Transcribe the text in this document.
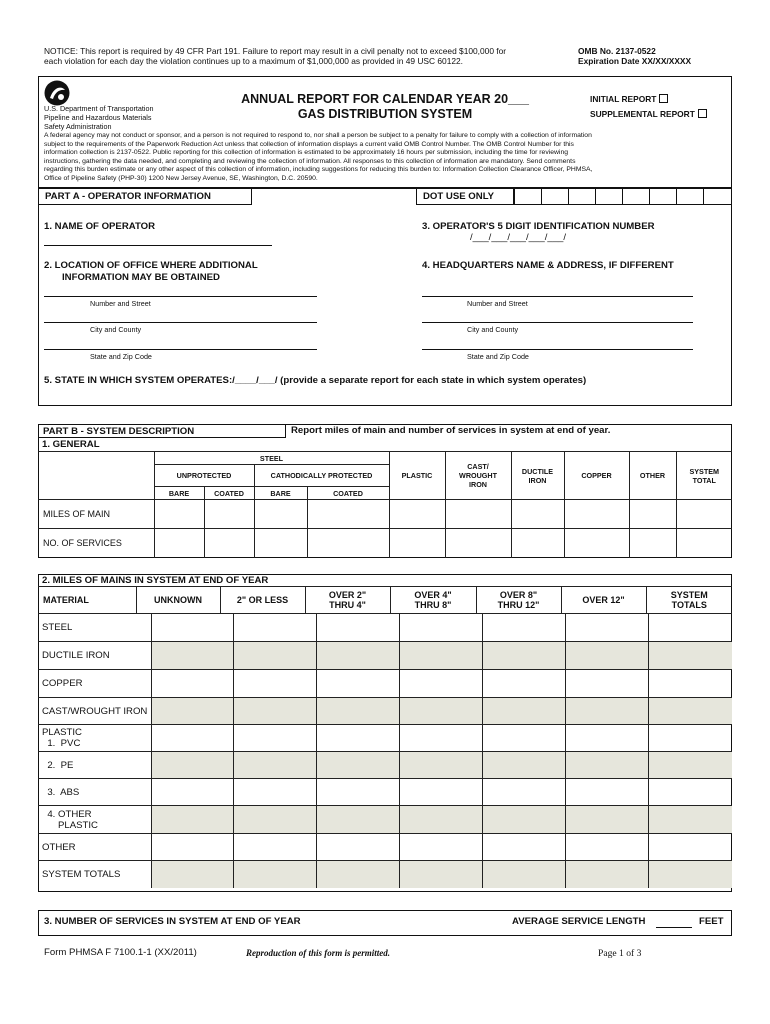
NOTICE: This report is required by 49 CFR Part 191. Failure to report may result in a civil penalty not to exceed $100,000 for
each violation for each day the violation continues up to a maximum of $1,000,000 as provided in 49 USC 60122.
OMB No. 2137-0522
Expiration Date XX/XX/XXXX
U.S. Department of Transportation
Pipeline and Hazardous Materials
Safety Administration
ANNUAL REPORT FOR CALENDAR YEAR 20___
GAS DISTRIBUTION SYSTEM
INITIAL REPORT
SUPPLEMENTAL REPORT
A federal agency may not conduct or sponsor, and a person is not required to respond to, nor shall a person be subject to a penalty for failure to comply with a collection of information
subject to the requirements of the Paperwork Reduction Act unless that collection of information displays a current valid OMB Control Number. The OMB Control Number for this
information collection is 2137-0522. Public reporting for this collection of information is estimated to be approximately 16 hours per submission, including the time for reviewing
instructions, gathering the data needed, and completing and reviewing the collection of information. All responses to this collection of information are mandatory. Send comments
regarding this burden estimate or any other aspect of this collection of information, including suggestions for reducing this burden to: Information Collection Clearance Officer, PHMSA,
Office of Pipeline Safety (PHP-30) 1200 New Jersey Avenue, SE, Washington, D.C. 20590.
PART A - OPERATOR INFORMATION	DOT USE ONLY
1. NAME OF OPERATOR	3. OPERATOR'S 5 DIGIT IDENTIFICATION NUMBER
/___/___/___/___/___/
2. LOCATION OF OFFICE WHERE ADDITIONAL
INFORMATION MAY BE OBTAINED
4. HEADQUARTERS NAME & ADDRESS, IF DIFFERENT
Number and Street
City and County
State and Zip Code
Number and Street
City and County
State and Zip Code
5. STATE IN WHICH SYSTEM OPERATES:/____/___/ (provide a separate report for each state in which system operates)
PART B - SYSTEM DESCRIPTION	Report miles of main and number of services in system at end of year.
1. GENERAL
	STEEL				PLASTIC	CAST/ WROUGHT IRON	DUCTILE IRON	COPPER	OTHER	SYSTEM TOTAL
	UNPROTECTED		CATHODICALLY PROTECTED							
	BARE	COATED	BARE	COATED						
MILES OF MAIN										
NO. OF SERVICES										
2. MILES OF MAINS IN SYSTEM AT END OF YEAR
MATERIAL	UNKNOWN	2" OR LESS	OVER 2" THRU 4"	OVER 4" THRU 8"	OVER 8" THRU 12"	OVER 12"	SYSTEM TOTALS
STEEL							
DUCTILE IRON							
COPPER							
CAST/WROUGHT IRON							
PLASTIC
1.  PVC							
2.  PE							
3.  ABS							
4. OTHER
PLASTIC							
OTHER							
SYSTEM TOTALS							
3. NUMBER OF SERVICES IN SYSTEM AT END OF YEAR	AVERAGE SERVICE LENGTH	FEET
Form PHMSA F 7100.1-1 (XX/2011)	Reproduction of this form is permitted.	Page 1 of 3
